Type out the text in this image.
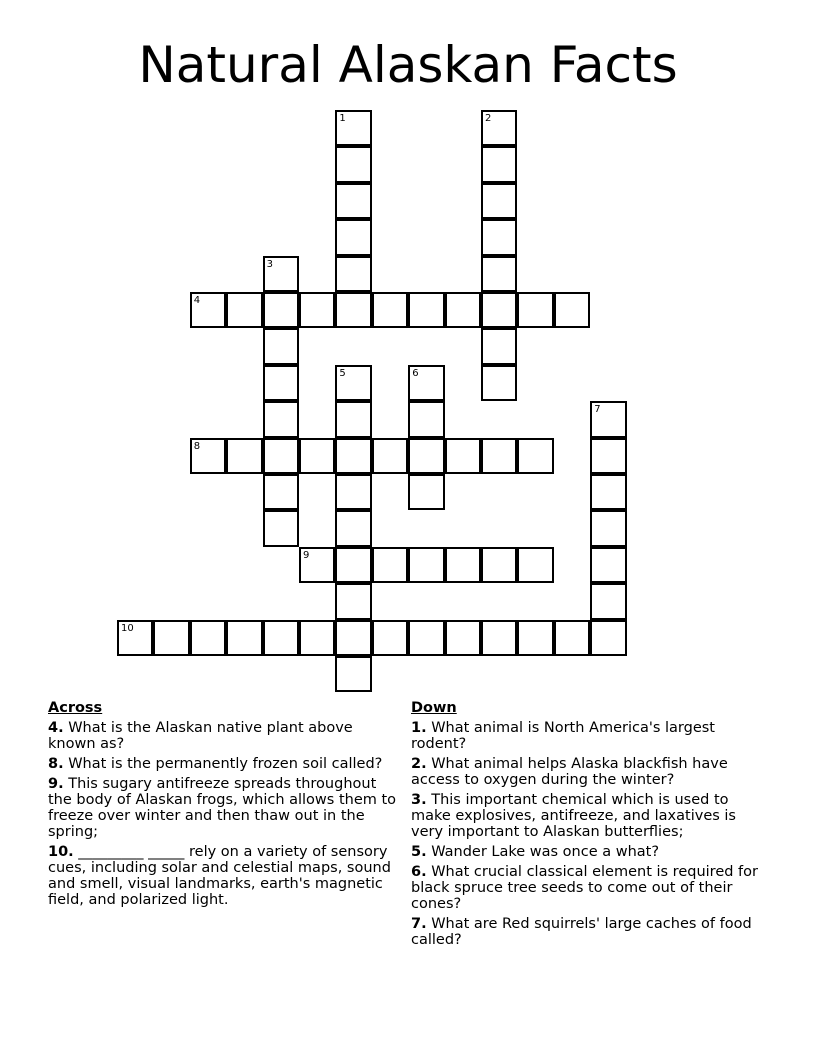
Natural Alaskan Facts
1	2
3
4
5	6
7
8
9
10
Across
4. What is the Alaskan native plant above known as?
8. What is the permanently frozen soil called?
9. This sugary antifreeze spreads throughout the body of Alaskan frogs, which allows them to freeze over winter and then thaw out in the spring;
10. _________ _____ rely on a variety of sensory cues, including solar and celestial maps, sound and smell, visual landmarks, earth's magnetic field, and polarized light.
Down
1. What animal is North America's largest rodent?
2. What animal helps Alaska blackfish have access to oxygen during the winter?
3. This important chemical which is used to make explosives, antifreeze, and laxatives is very important to Alaskan butterflies;
5. Wander Lake was once a what?
6. What crucial classical element is required for black spruce tree seeds to come out of their cones?
7. What are Red squirrels' large caches of food called?
